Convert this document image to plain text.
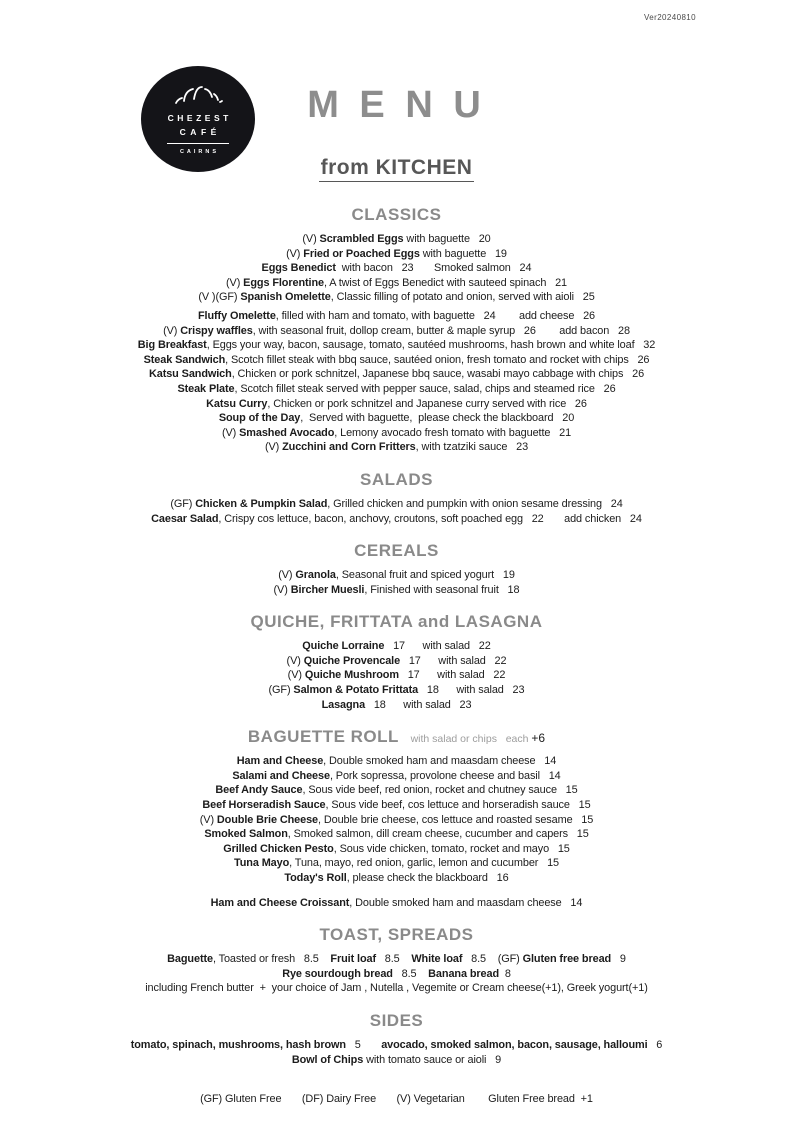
Ver20240810
CHEZEST
CAFÉ
CAIRNS
M E N U
from KITCHEN
CLASSICS
(V) Scrambled Eggs with baguette   20
(V) Fried or Poached Eggs with baguette   19
Eggs Benedict  with bacon   23       Smoked salmon   24
(V) Eggs Florentine, A twist of Eggs Benedict with sauteed spinach   21
(V )(GF) Spanish Omelette, Classic filling of potato and onion, served with aioli   25
Fluffy Omelette, filled with ham and tomato, with baguette   24        add cheese   26
(V) Crispy waffles, with seasonal fruit, dollop cream, butter & maple syrup   26        add bacon   28
Big Breakfast, Eggs your way, bacon, sausage, tomato, sautéed mushrooms, hash brown and white loaf   32
Steak Sandwich, Scotch fillet steak with bbq sauce, sautéed onion, fresh tomato and rocket with chips   26
Katsu Sandwich, Chicken or pork schnitzel, Japanese bbq sauce, wasabi mayo cabbage with chips   26
Steak Plate, Scotch fillet steak served with pepper sauce, salad, chips and steamed rice   26
Katsu Curry, Chicken or pork schnitzel and Japanese curry served with rice   26
Soup of the Day,  Served with baguette,  please check the blackboard   20
(V) Smashed Avocado, Lemony avocado fresh tomato with baguette   21
(V) Zucchini and Corn Fritters, with tzatziki sauce   23
SALADS
(GF) Chicken & Pumpkin Salad, Grilled chicken and pumpkin with onion sesame dressing   24
Caesar Salad, Crispy cos lettuce, bacon, anchovy, croutons, soft poached egg   22       add chicken   24
CEREALS
(V) Granola, Seasonal fruit and spiced yogurt   19
(V) Bircher Muesli, Finished with seasonal fruit   18
QUICHE, FRITTATA and LASAGNA
Quiche Lorraine   17      with salad   22
(V) Quiche Provencale   17      with salad   22
(V) Quiche Mushroom   17      with salad   22
(GF) Salmon & Potato Frittata   18      with salad   23
Lasagna   18      with salad   23
BAGUETTE ROLL    with salad or chips   each +6
Ham and Cheese, Double smoked ham and maasdam cheese   14
Salami and Cheese, Pork sopressa, provolone cheese and basil   14
Beef Andy Sauce, Sous vide beef, red onion, rocket and chutney sauce   15
Beef Horseradish Sauce, Sous vide beef, cos lettuce and horseradish sauce   15
(V) Double Brie Cheese, Double brie cheese, cos lettuce and roasted sesame   15
Smoked Salmon, Smoked salmon, dill cream cheese, cucumber and capers   15
Grilled Chicken Pesto, Sous vide chicken, tomato, rocket and mayo   15
Tuna Mayo, Tuna, mayo, red onion, garlic, lemon and cucumber   15
Today's Roll, please check the blackboard   16
Ham and Cheese Croissant, Double smoked ham and maasdam cheese   14
TOAST, SPREADS
Baguette, Toasted or fresh   8.5    Fruit loaf   8.5    White loaf   8.5    (GF) Gluten free bread   9
Rye sourdough bread   8.5    Banana bread  8
including French butter  +  your choice of Jam , Nutella , Vegemite or Cream cheese(+1), Greek yogurt(+1)
SIDES
tomato, spinach, mushrooms, hash brown   5       avocado, smoked salmon, bacon, sausage, halloumi   6
Bowl of Chips with tomato sauce or aioli   9
(GF) Gluten Free       (DF) Dairy Free       (V) Vegetarian        Gluten Free bread  +1
